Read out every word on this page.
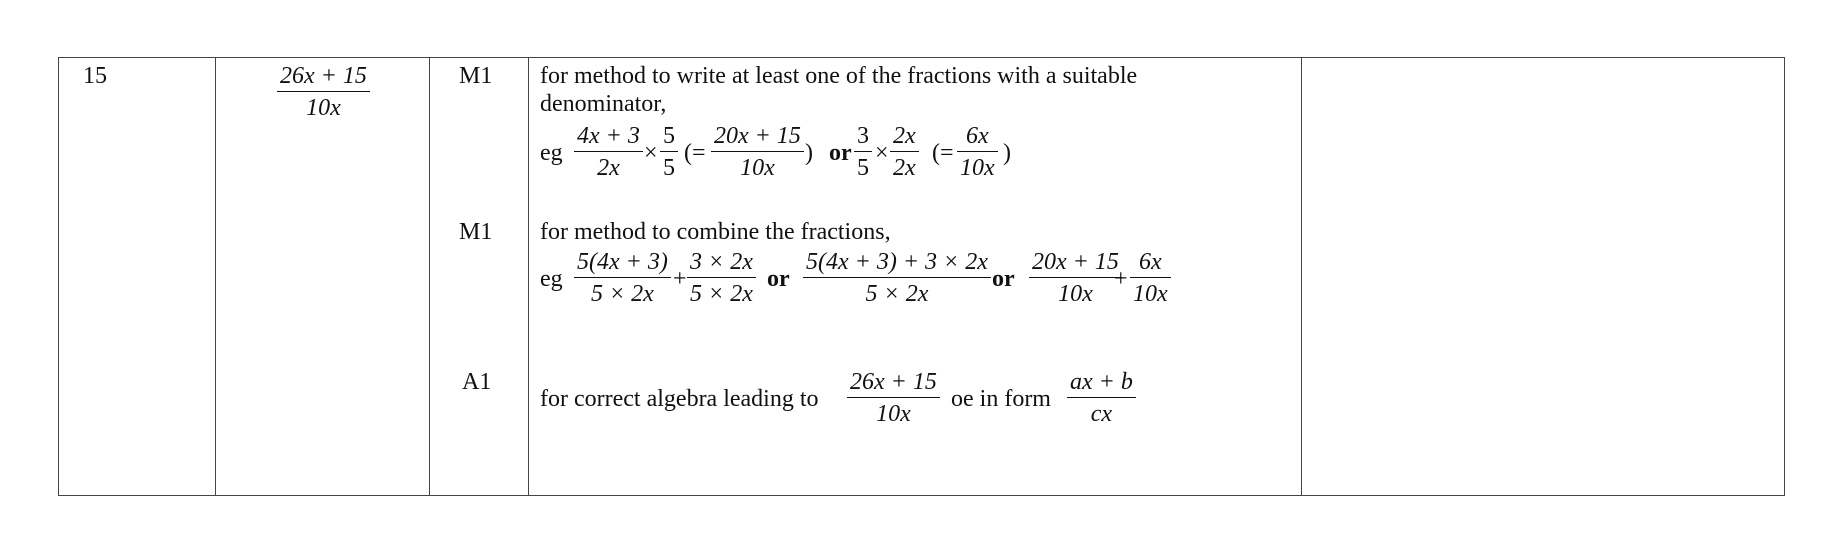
15	26x + 15
10x
M1
M1
A1
for method to write at least one of the fractions with a suitable
denominator,
eg
4x + 3
2x
×
5
5
(=
20x + 15
10x
) or
3
5
×
2x
2x
(=
6x
10x
)
for method to combine the fractions,
eg
5(4x + 3)
5 × 2x
+
3 × 2x
5 × 2x
or
5(4x + 3) + 3 × 2x
5 × 2x
or
20x + 15
10x
+
6x
10x
for correct algebra leading to
26x + 15
10x
oe in form
ax + b
cx
